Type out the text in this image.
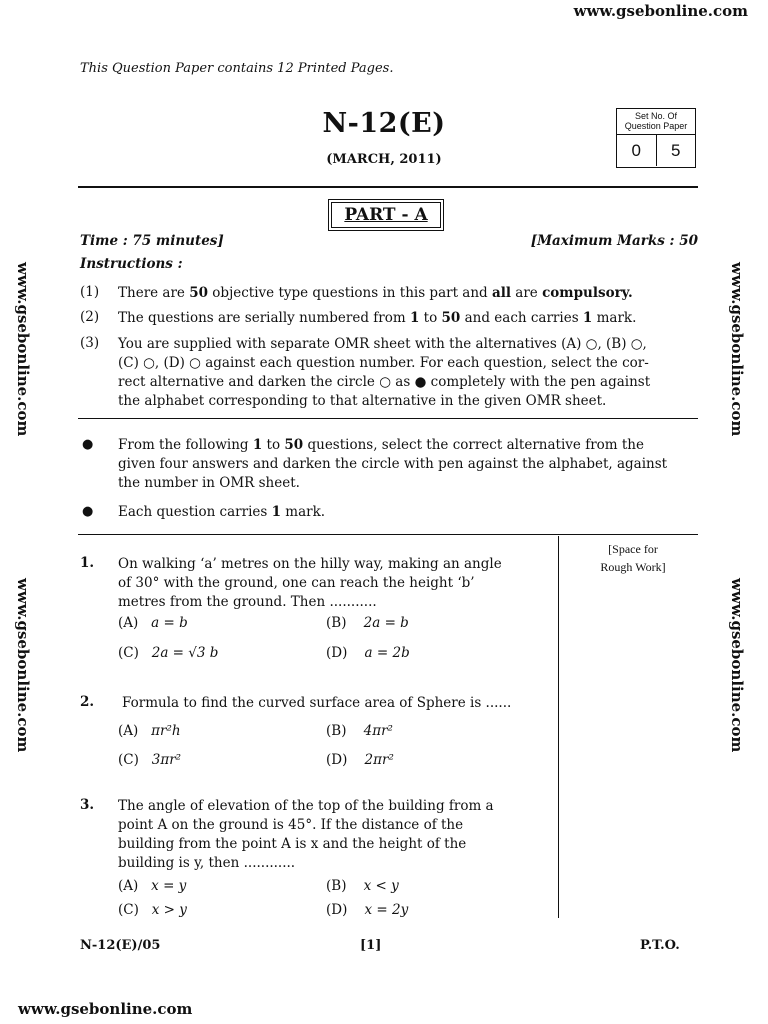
www.gsebonline.com
www.gsebonline.com
www.gsebonline.com
www.gsebonline.com
www.gsebonline.com
www.gsebonline.com
This Question Paper contains 12 Printed Pages.
N-12(E)
(MARCH, 2011)
Set No. Of
Question Paper
0	5
PART - A
Time : 75 minutes]	[Maximum Marks : 50
Instructions :
(1) There are 50 objective type questions in this part and all are compulsory.
(2) The questions are serially numbered from 1 to 50 and each carries 1 mark.
(3) You are supplied with separate OMR sheet with the alternatives (A) ○, (B) ○,
(C) ○, (D) ○ against each question number. For each question, select the cor-
rect alternative and darken the circle ○ as ● completely with the pen against
the alphabet corresponding to that alternative in the given OMR sheet.
● From the following 1 to 50 questions, select the correct alternative from the
given four answers and darken the circle with pen against the alphabet, against
the number in OMR sheet.
● Each question carries 1 mark.
[Space for
Rough Work]
1. On walking ‘a’ metres on the hilly way, making an angle
of 30° with the ground, one can reach the height ‘b’
metres from the ground. Then ...........
(A) a = b	(B) 2a = b
(C) 2a = √3 b	(D) a = 2b
2. Formula to find the curved surface area of Sphere is ......
(A) πr²h	(B) 4πr²
(C) 3πr²	(D) 2πr²
3. The angle of elevation of the top of the building from a
point A on the ground is 45°. If the distance of the
building from the point A is x and the height of the
building is y, then ............
(A) x = y	(B) x < y
(C) x > y	(D) x = 2y
N-12(E)/05	[1]	P.T.O.
